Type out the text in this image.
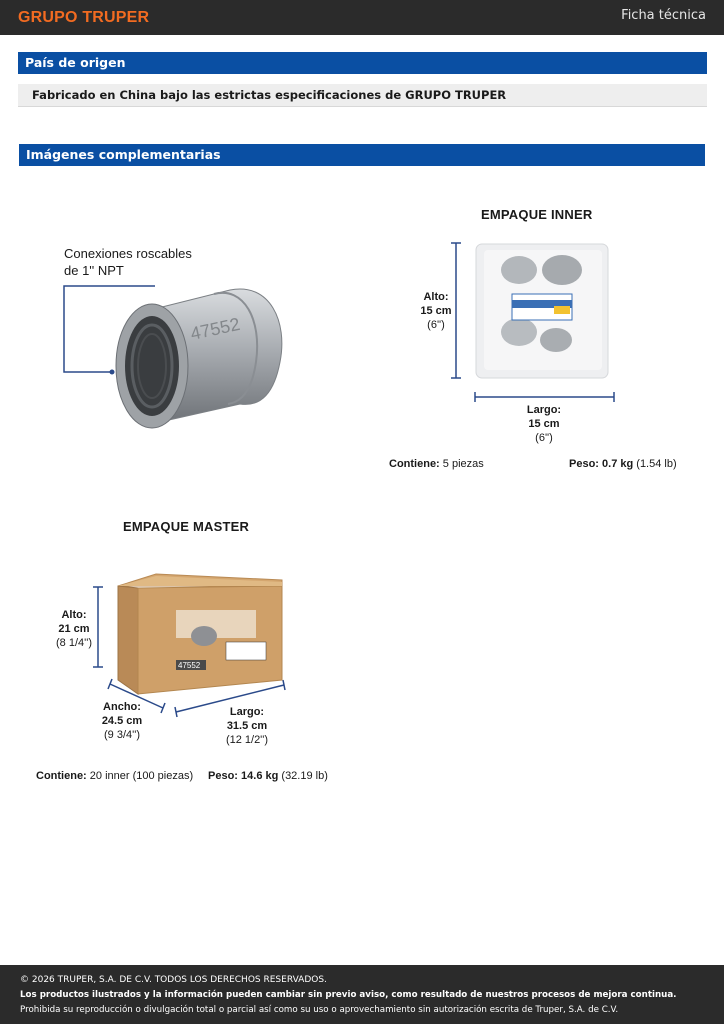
GRUPO TRUPER	Ficha técnica
País de origen
Fabricado en China bajo las estrictas especificaciones de GRUPO TRUPER
Imágenes complementarias
Conexiones roscables
de 1'' NPT
47552
EMPAQUE INNER
Alto:
15 cm
(6'')
Largo:
15 cm
(6'')
Contiene: 5 piezas	Peso: 0.7 kg (1.54 lb)
EMPAQUE MASTER
Alto:
21 cm
(8 1/4'')
47552
Ancho:
24.5 cm
(9 3/4'')
Largo:
31.5 cm
(12 1/2'')
Contiene: 20 inner (100 piezas) Peso: 14.6 kg (32.19 lb)
© 2026 TRUPER, S.A. DE C.V. TODOS LOS DERECHOS RESERVADOS.
Los productos ilustrados y la información pueden cambiar sin previo aviso, como resultado de nuestros procesos de mejora continua.
Prohibida su reproducción o divulgación total o parcial así como su uso o aprovechamiento sin autorización escrita de Truper, S.A. de C.V.
